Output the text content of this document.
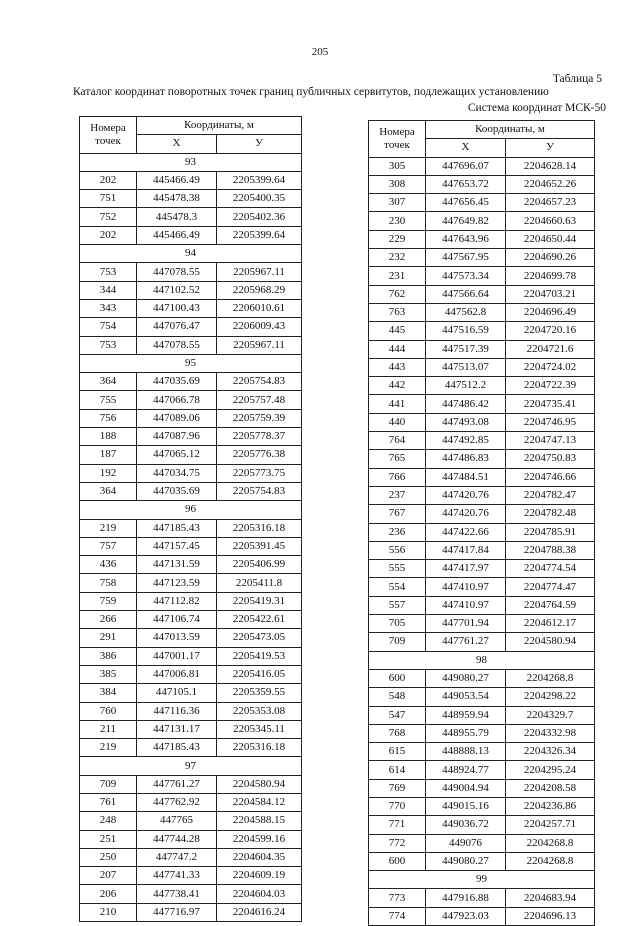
205
Таблица 5
Каталог координат поворотных точек границ публичных сервитутов, подлежащих установлению
Система координат МСК-50
Номера точек	Координаты, м	
	X	У
93		
202	445466.49	2205399.64
751	445478.38	2205400.35
752	445478.3	2205402.36
202	445466.49	2205399.64
94		
753	447078.55	2205967.11
344	447102.52	2205968.29
343	447100.43	2206010.61
754	447076.47	2206009.43
753	447078.55	2205967.11
95		
364	447035.69	2205754.83
755	447066.78	2205757.48
756	447089.06	2205759.39
188	447087.96	2205778.37
187	447065.12	2205776.38
192	447034.75	2205773.75
364	447035.69	2205754.83
96		
219	447185.43	2205316.18
757	447157.45	2205391.45
436	447131.59	2205406.99
758	447123.59	2205411.8
759	447112.82	2205419.31
266	447106.74	2205422.61
291	447013.59	2205473.05
386	447001.17	2205419.53
385	447006.81	2205416.05
384	447105.1	2205359.55
760	447116.36	2205353.08
211	447131.17	2205345.11
219	447185.43	2205316.18
97		
709	447761.27	2204580.94
761	447762.92	2204584.12
248	447765	2204588.15
251	447744.28	2204599.16
250	447747.2	2204604.35
207	447741.33	2204609.19
206	447738.41	2204604.03
210	447716.97	2204616.24
Номера точек	Координаты, м	
	X	У
305	447696.07	2204628.14
308	447653.72	2204652.26
307	447656.45	2204657.23
230	447649.82	2204660.63
229	447643.96	2204650.44
232	447567.95	2204690.26
231	447573.34	2204699.78
762	447566.64	2204703.21
763	447562.8	2204696.49
445	447516.59	2204720.16
444	447517.39	2204721.6
443	447513.07	2204724.02
442	447512.2	2204722.39
441	447486.42	2204735.41
440	447493.08	2204746.95
764	447492.85	2204747.13
765	447486.83	2204750.83
766	447484.51	2204746.66
237	447420.76	2204782.47
767	447420.76	2204782.48
236	447422.66	2204785.91
556	447417.84	2204788.38
555	447417.97	2204774.54
554	447410.97	2204774.47
557	447410.97	2204764.59
705	447701.94	2204612.17
709	447761.27	2204580.94
98		
600	449080.27	2204268.8
548	449053.54	2204298.22
547	448959.94	2204329.7
768	448955.79	2204332.98
615	448888.13	2204326.34
614	448924.77	2204295.24
769	449004.94	2204208.58
770	449015.16	2204236.86
771	449036.72	2204257.71
772	449076	2204268.8
600	449080.27	2204268.8
99		
773	447916.88	2204683.94
774	447923.03	2204696.13
